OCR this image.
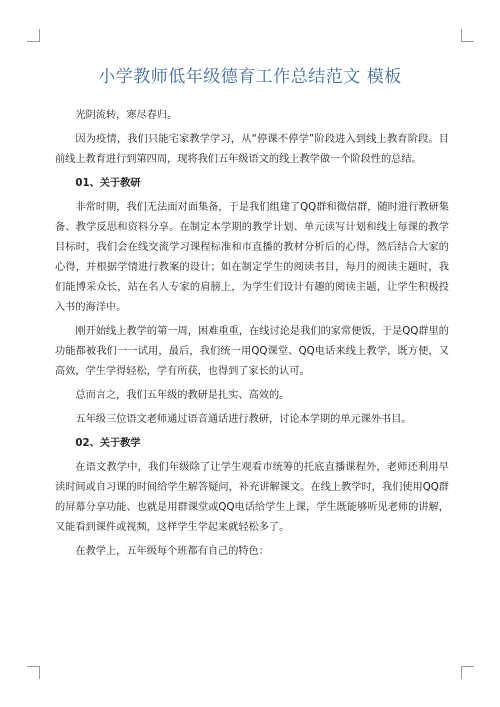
小学教师低年级德育工作总结范文 模板

光阴流转，寒尽春归。

因为疫情，我们只能宅家教学学习，从“停课不停学”阶段进入到线上教育阶段。目前线上教育进行到第四周，现将我们五年级语文的线上教学做一个阶段性的总结。

01、关于教研

非常时期，我们无法面对面集备，于是我们组建了QQ群和微信群，随时进行教研集备、教学反思和资料分享。在制定本学期的教学计划、单元读写计划和线上每课的教学目标时，我们会在线交流学习课程标准和市直播的教材分析后的心得，然后结合大家的心得，并根据学情进行教案的设计；如在制定学生的阅读书目，每月的阅读主题时，我们能博采众长，站在名人专家的肩膀上，为学生们设计有趣的阅读主题，让学生积极投入书的海洋中。

刚开始线上教学的第一周，困难重重，在线讨论是我们的家常便饭，于是QQ群里的功能都被我们一一试用，最后，我们统一用QQ课堂、QQ电话来线上教学，既方便，又高效，学生学得轻松，学有所获，也得到了家长的认可。

总而言之，我们五年级的教研是扎实、高效的。

五年级三位语文老师通过语音通话进行教研，讨论本学期的单元课外书目。

02、关于教学

在语文教学中，我们年级除了让学生观看市统筹的托底直播课程外，老师还利用早读时间或自习课的时间给学生解答疑问，补充讲解课文。在线上教学时，我们使用QQ群的屏幕分享功能、也就是用群课堂或QQ电话给学生上课，学生既能够听见老师的讲解，又能看到课件或视频，这样学生学起来就轻松多了。

在教学上，五年级每个班都有自己的特色：
